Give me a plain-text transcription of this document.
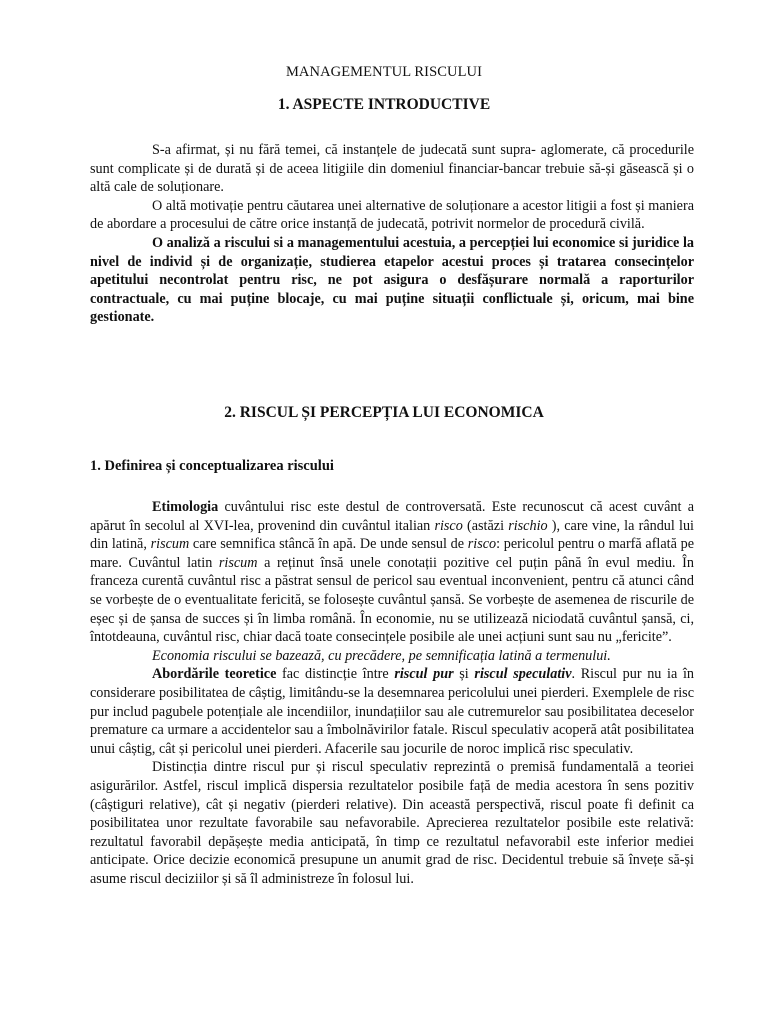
MANAGEMENTUL RISCULUI
1. ASPECTE INTRODUCTIVE

S-a afirmat, și nu fără temei, că instanțele de judecată sunt supra- aglomerate, că procedurile sunt complicate și de durată și de aceea litigiile din domeniul financiar-bancar trebuie să-și găsească și o altă cale de soluționare.

O altă motivație pentru căutarea unei alternative de soluționare a acestor litigii a fost și maniera de abordare a procesului de către orice instanță de judecată, potrivit normelor de procedură civilă.

O analiză a riscului si a managementului acestuia, a percepției lui economice si juridice la nivel de individ și de organizație, studierea etapelor acestui proces și tratarea consecințelor apetitului necontrolat pentru risc, ne pot asigura o desfășurare normală a raporturilor contractuale, cu mai puține blocaje, cu mai puține situații conflictuale și, oricum, mai bine gestionate.

2. RISCUL ȘI PERCEPȚIA LUI ECONOMICA
1. Definirea și conceptualizarea riscului

Etimologia cuvântului risc este destul de controversată. Este recunoscut că acest cuvânt a apărut în secolul al XVI-lea, provenind din cuvântul italian risco (astăzi rischio ), care vine, la rândul lui din latină, riscum care semnifica stâncă în apă. De unde sensul de risco: pericolul pentru o marfă aflată pe mare. Cuvântul latin riscum a reținut însă unele conotații pozitive cel puțin până în evul mediu. În franceza curentă cuvântul risc a păstrat sensul de pericol sau eventual inconvenient, pentru că atunci când se vorbește de o eventualitate fericită, se folosește cuvântul șansă. Se vorbește de asemenea de riscurile de eșec și de șansa de succes și în limba română. În economie, nu se utilizează niciodată cuvântul șansă, ci, întotdeauna, cuvântul risc, chiar dacă toate consecințele posibile ale unei acțiuni sunt sau nu „fericite”.

Economia riscului se bazează, cu precădere, pe semnificația latină a termenului.

Abordările teoretice fac distincție între riscul pur și riscul speculativ. Riscul pur nu ia în considerare posibilitatea de câștig, limitându-se la desemnarea pericolului unei pierderi. Exemplele de risc pur includ pagubele potențiale ale incendiilor, inundațiilor sau ale cutremurelor sau posibilitatea deceselor premature ca urmare a accidentelor sau a îmbolnăvirilor fatale. Riscul speculativ acoperă atât posibilitatea unui câștig, cât și pericolul unei pierderi. Afacerile sau jocurile de noroc implică risc speculativ.

Distincția dintre riscul pur și riscul speculativ reprezintă o premisă fundamentală a teoriei asigurărilor. Astfel, riscul implică dispersia rezultatelor posibile față de media acestora în sens pozitiv (câștiguri relative), cât și negativ (pierderi relative). Din această perspectivă, riscul poate fi definit ca posibilitatea unor rezultate favorabile sau nefavorabile. Aprecierea rezultatelor posibile este relativă: rezultatul favorabil depășește media anticipată, în timp ce rezultatul nefavorabil este inferior mediei anticipate. Orice decizie economică presupune un anumit grad de risc. Decidentul trebuie să învețe să-și asume riscul deciziilor și să îl administreze în folosul lui.
